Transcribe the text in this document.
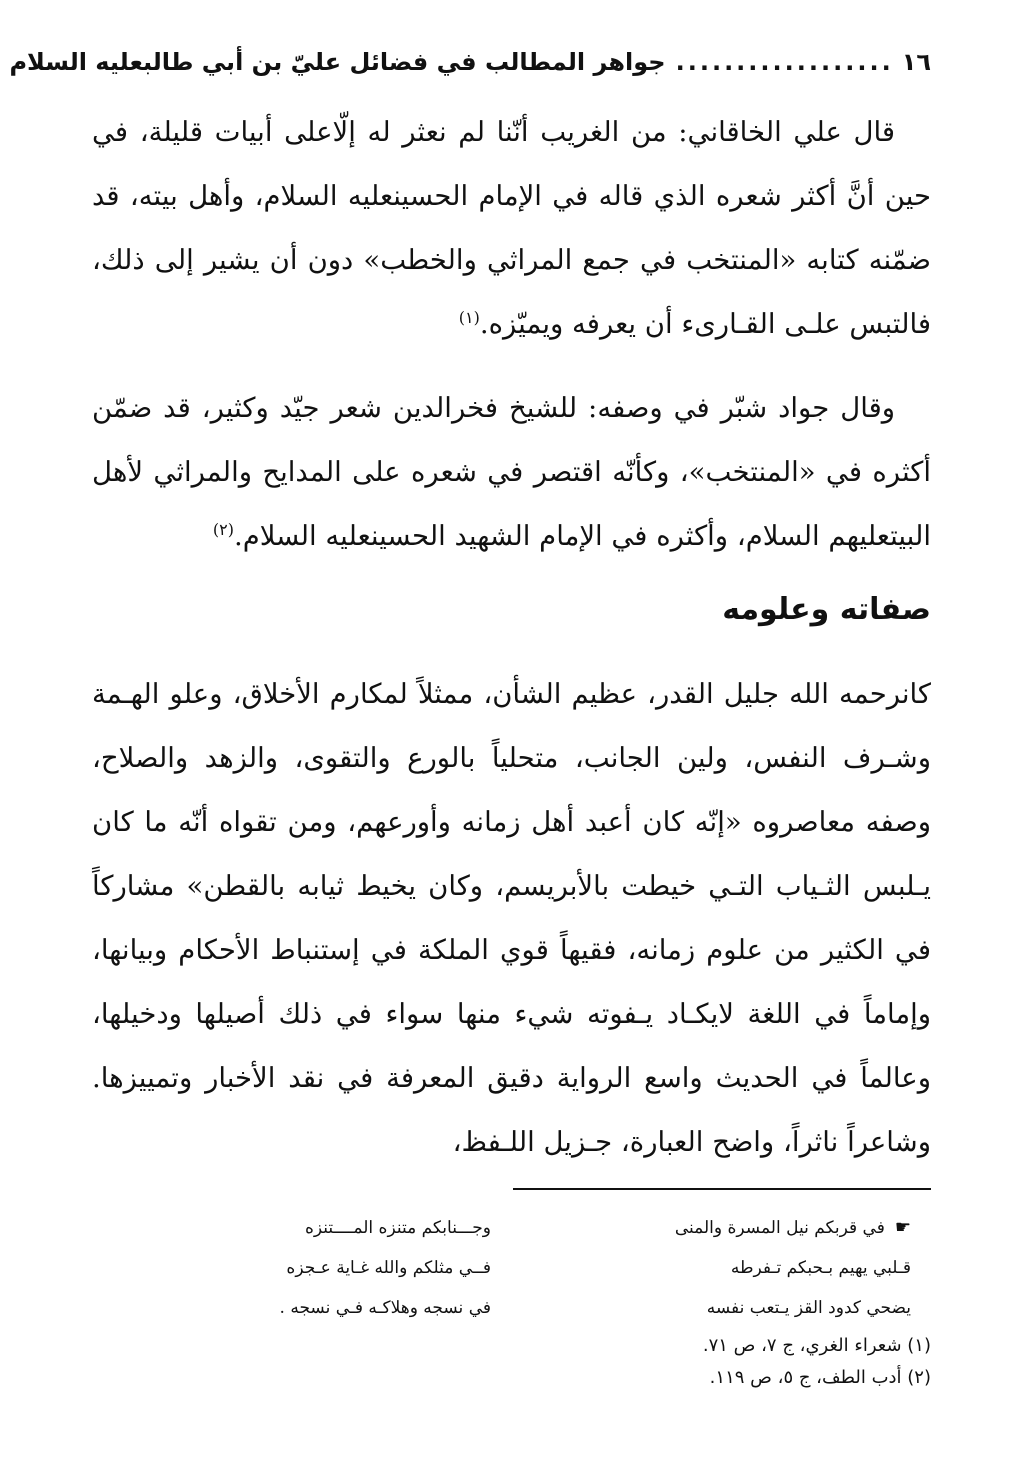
١٦
..................
جواهر المطالب في فضائل عليّ بن أبي طالبعليه السلام

قال علي الخاقاني: من الغريب أنّنا لم نعثر له إلّاعلى أبيات قليلة، في حين أنَّ أكثر شعره الذي قاله في الإمام الحسينعليه السلام، وأهل بيته، قد ضمّنه كتابه «المنتخب في جمع المراثي والخطب» دون أن يشير إلى ذلك، فالتبس علـى القـارىء أن يعرفه ويميّزه.$^{(١)}$

وقال جواد شبّر في وصفه: للشيخ فخرالدين شعر جيّد وكثير، قد ضمّن أكثره في «المنتخب»، وكأنّه اقتصر في شعره على المدايح والمراثي لأهل البيتعليهم السلام، وأكثره في الإمام الشهيد الحسينعليه السلام.$^{(٢)}$

صفاته وعلومه

كانرحمه الله جليل القدر، عظيم الشأن، ممثلاً لمكارم الأخلاق، وعلو الهـمة وشـرف النفس، ولين الجانب، متحلياً بالورع والتقوى، والزهد والصلاح، وصفه معاصروه «إنّه كان أعبد أهل زمانه وأورعهم، ومن تقواه أنّه ما كان يـلبس الثـياب التـي خيطت بالأبريسم، وكان يخيط ثيابه بالقطن» مشاركاً في الكثير من علوم زمانه، فقيهاً قوي الملكة في إستنباط الأحكام وبيانها، وإماماً في اللغة لايكـاد يـفوته شيء منها سواء في ذلك أصيلها ودخيلها، وعالماً في الحديث واسع الرواية دقيق المعرفة في نقد الأخبار وتمييزها. وشاعراً ناثراً، واضح العبارة، جـزيل اللـفظ،

☛في قربكم نيل المسرة والمنى
قـلبي يهيم بـحبكم تـفرطه
يضحي كدود القز يـتعب نفسه
وجـــنابكم متنزه المــــتنزه
فــي مثلكم والله غـاية عـجزه
في نسجه وهلاكـه فـي نسجه .
(١) شعراء الغري، ج ٧، ص ٧١.
(٢) أدب الطف، ج ٥، ص ١١٩.
